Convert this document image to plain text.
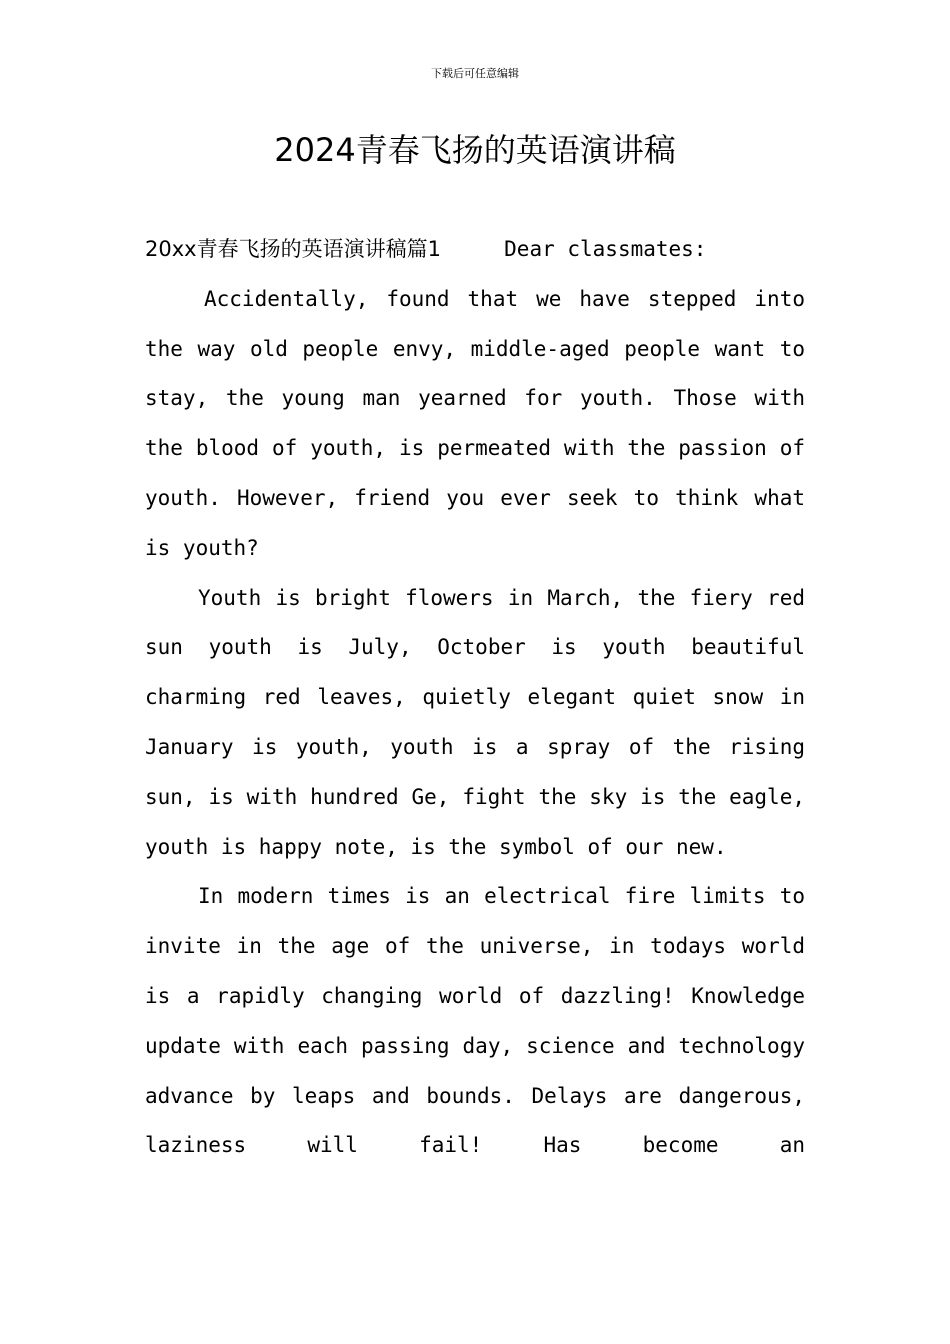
下载后可任意编辑
2024青春飞扬的英语演讲稿

20xx青春飞扬的英语演讲稿篇1	Dear classmates:

Accidentally, found that we have stepped into the way old people envy, middle-aged people want to stay, the young man yearned for youth. Those with the blood of youth, is permeated with the passion of youth. However, friend you ever seek to think what is youth?

Youth is bright flowers in March, the fiery red sun youth is July, October is youth beautiful charming red leaves, quietly elegant quiet snow in January is youth, youth is a spray of the rising sun, is with hundred Ge, fight the sky is the eagle, youth is happy note, is the symbol of our new.

In modern times is an electrical fire limits to invite in the age of the universe, in todays world is a rapidly changing world of dazzling! Knowledge update with each passing day, science and technology advance by leaps and bounds. Delays are dangerous, laziness will fail! Has become an
